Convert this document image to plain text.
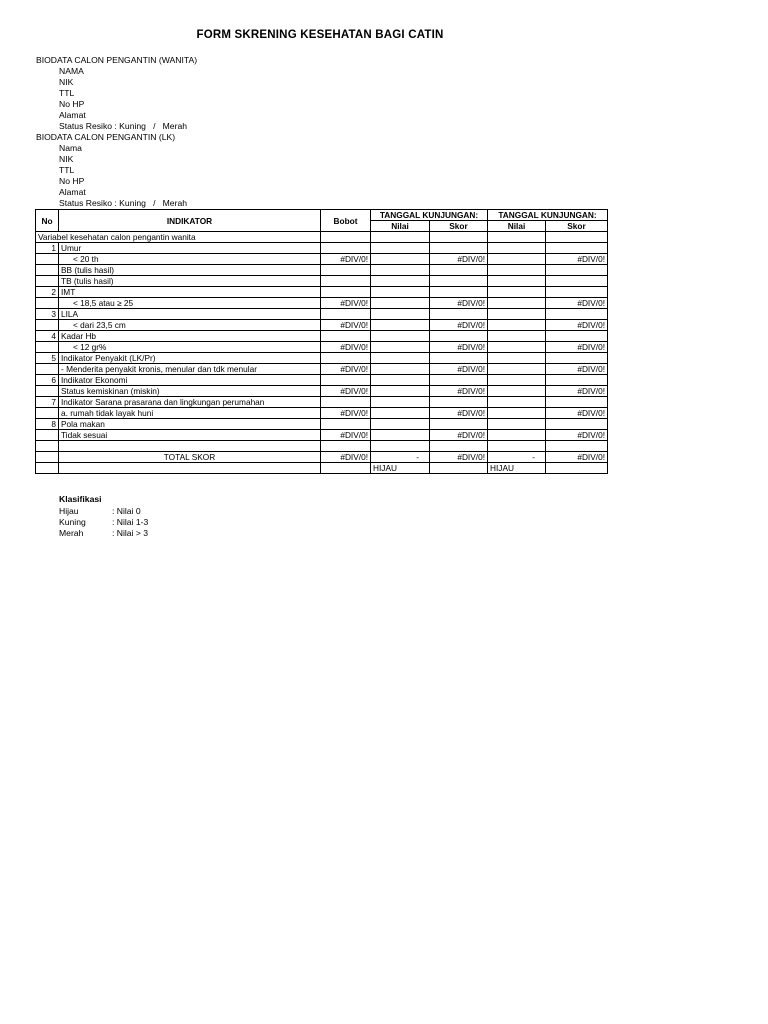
FORM SKRENING KESEHATAN BAGI CATIN
BIODATA CALON PENGANTIN (WANITA)
NAMA
NIK
TTL
No HP
Alamat
Status Resiko : Kuning   /   Merah
BIODATA CALON PENGANTIN (LK)
Nama
NIK
TTL
No HP
Alamat
Status Resiko : Kuning   /   Merah
No	INDIKATOR	Bobot	TANGGAL KUNJUNGAN:		TANGGAL KUNJUNGAN:	
			Nilai	Skor	Nilai	Skor
Variabel kesehatan calon pengantin wanita						
1	Umur					
	< 20 th	#DIV/0!		#DIV/0!		#DIV/0!
	BB (tulis hasil)					
	TB (tulis hasil)					
2	IMT					
	< 18,5 atau ≥ 25	#DIV/0!		#DIV/0!		#DIV/0!
3	LILA					
	< dari 23,5 cm	#DIV/0!		#DIV/0!		#DIV/0!
4	Kadar Hb					
	< 12 gr%	#DIV/0!		#DIV/0!		#DIV/0!
5	Indikator Penyakit (LK/Pr)					
	- Menderita penyakit kronis, menular dan tdk menular	#DIV/0!		#DIV/0!		#DIV/0!
6	Indikator Ekonomi					
	Status kemiskinan (miskin)	#DIV/0!		#DIV/0!		#DIV/0!
7	Indikator Sarana prasarana dan lingkungan perumahan					
	a. rumah tidak layak huni	#DIV/0!		#DIV/0!		#DIV/0!
8	Pola makan					
	Tidak sesuai	#DIV/0!		#DIV/0!		#DIV/0!

	TOTAL SKOR	#DIV/0!	-	#DIV/0!	-	#DIV/0!
			HIJAU		HIJAU	
Klasifikasi
Hijau	: Nilai 0
Kuning	: Nilai 1-3
Merah	: Nilai > 3
